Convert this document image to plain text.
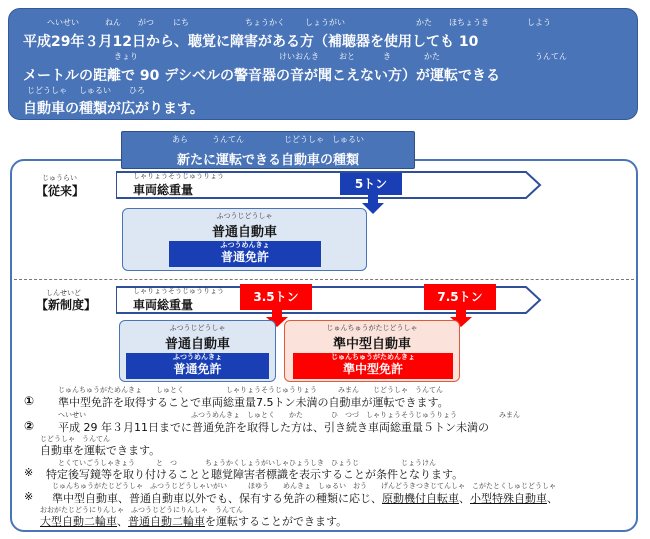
へいせい	ねん がつ にち	ちょうかく	しょうがい	かた ほちょうき	しよう
平成29年３月12日から、聴覚に障害がある方（補聴器を使用しても 10
きょり	けいおんき	おと	き	かた	うんてん
メートルの距離で 90 デシベルの警音器の音が聞こえない方）が運転できる
じどうしゃ しゅるい ひろ
自動車の種類が広がります。
あら　　　うんてん　　　　　じどうしゃ　しゅるい
新たに運転できる自動車の種類
じゅうらい
【従来】
しゃりょうそうじゅうりょう
車両総重量	5トン
ふつうじどうしゃ
普通自動車
ふつうめんきょ
普通免許
しんせいど
【新制度】
しゃりょうそうじゅうりょう
車両総重量
3.5トン	7.5トン
ふつうじどうしゃ
普通自動車
ふつうめんきょ
普通免許
じゅんちゅうがたじどうしゃ
準中型自動車
じゅんちゅうがためんきょ
準中型免許
じゅんちゅうがためんきょ　　しゅとく　　　　　　しゃりょうそうじゅうりょう　　　みまん　　じどうしゃ　うんてん
① 準中型免許を取得することで車両総重量7.5トン未満の自動車が運転できます。
へいせい　　　　　　　　　　　　　　　ふつうめんきょ　しゅとく　　かた　　　　ひ　つづ　しゃりょうそうじゅうりょう　　　　　　みまん
② 平成 29 年３月11日までに普通免許を取得した方は、引き続き車両総重量５トン未満の
じどうしゃ　うんてん
自動車を運転できます。
とくていごうしゃきょう　　　と　つ　　　　ちょうかくしょうがいしゃひょうしき　ひょうじ　　　　　　じょうけん
※ 特定後写鏡等を取り付けることと聴覚障害者標識を表示することが条件となります。
じゅんちゅうがたじどうしゃ　ふつうじどうしゃいがい　　　ほゆう　　めんきょ　しゅるい　おう　　げんどうきつきじてんしゃ　こがたとくしゅじどうしゃ
※ 準中型自動車、普通自動車以外でも、保有する免許の種類に応じ、原動機付自転車、小型特殊自動車、
おおがたじどうにりんしゃ　ふつうじどうにりんしゃ　うんてん
大型自動二輪車、普通自動二輪車を運転することができます。
